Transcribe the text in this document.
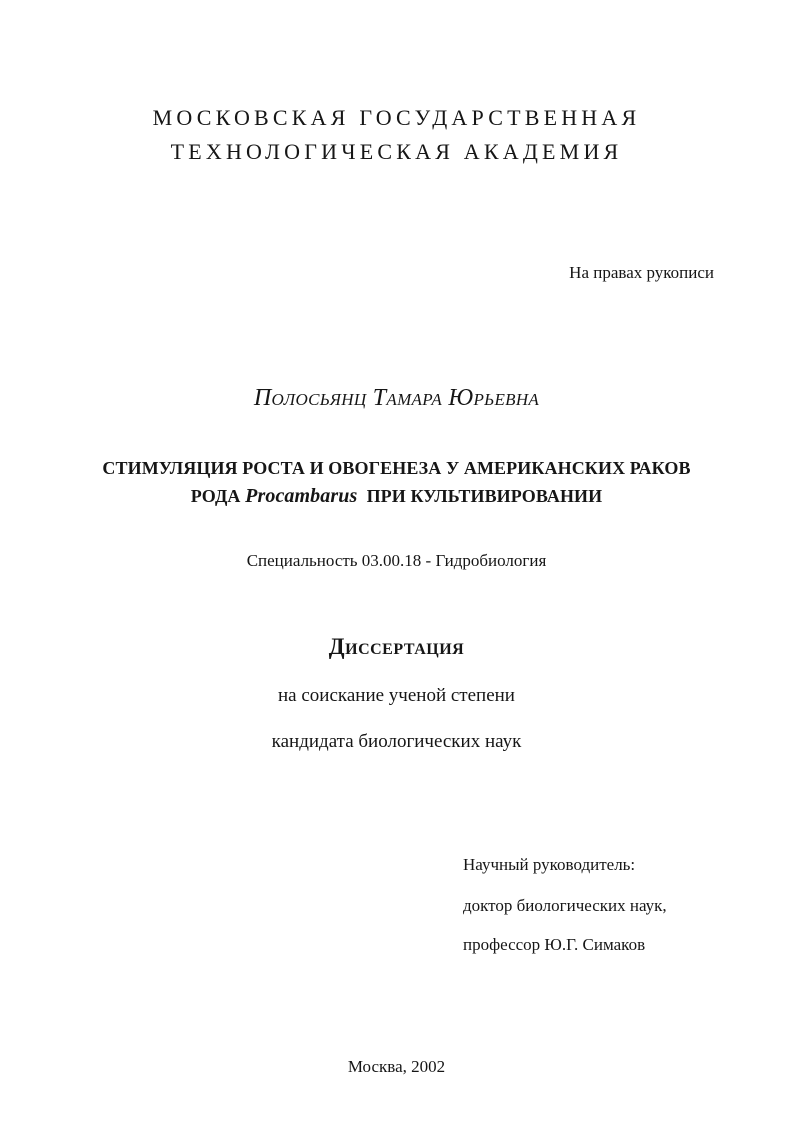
МОСКОВСКАЯ ГОСУДАРСТВЕННАЯ
ТЕХНОЛОГИЧЕСКАЯ АКАДЕМИЯ
На правах рукописи
Полосьянц Тамара Юрьевна
СТИМУЛЯЦИЯ РОСТА И ОВОГЕНЕЗА У АМЕРИКАНСКИХ РАКОВ
РОДА Procambarus ПРИ КУЛЬТИВИРОВАНИИ
Специальность 03.00.18 - Гидробиология
Диссертация
на соискание ученой степени
кандидата биологических наук
Научный руководитель:
доктор биологических наук,
профессор Ю.Г. Симаков
Москва, 2002
